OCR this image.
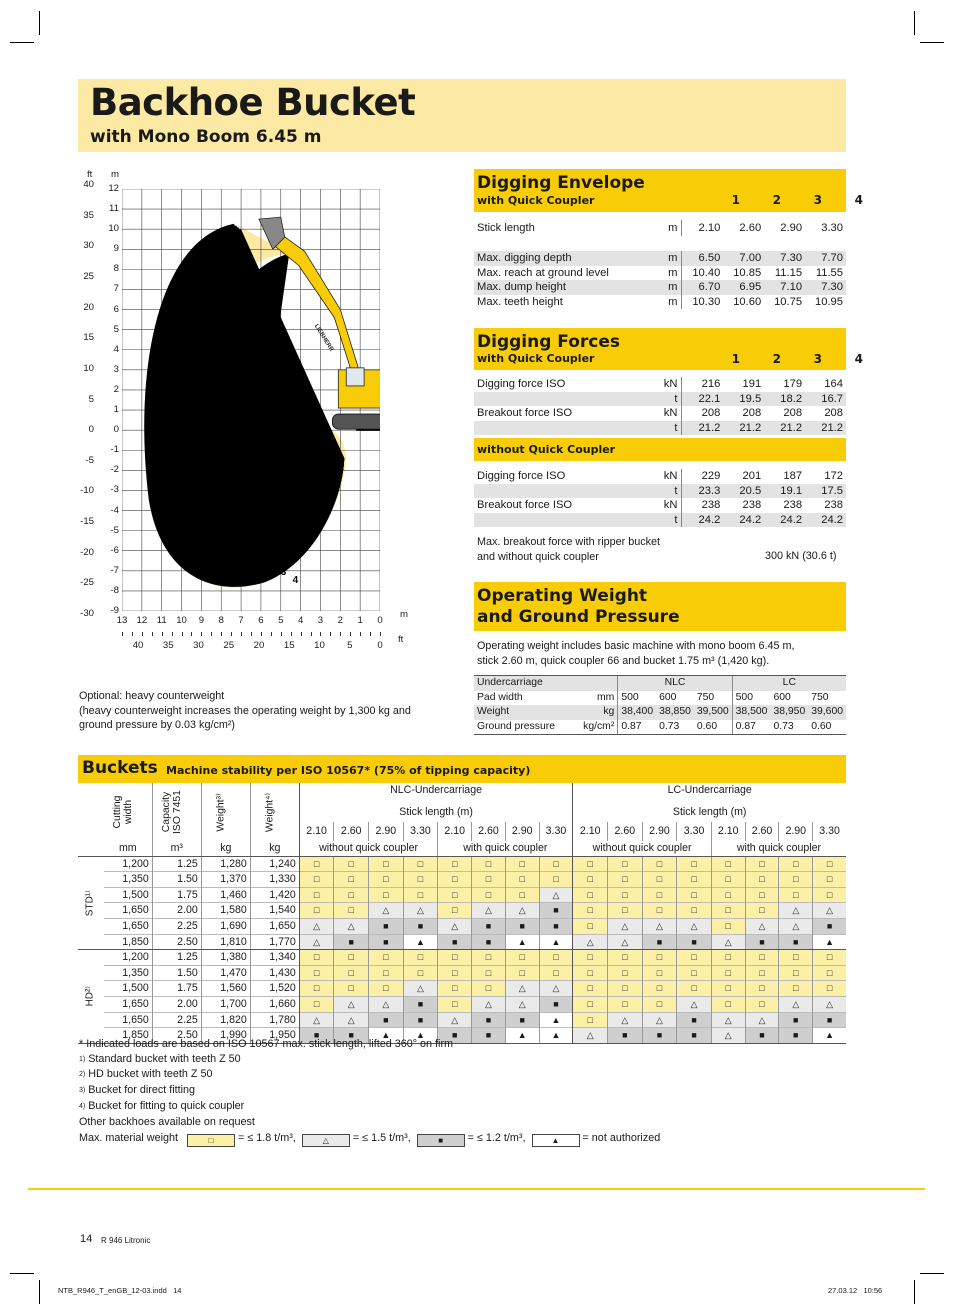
Backhoe Bucket
with Mono Boom 6.45 m
ft m
40
35
30
25
20
15
10
5
0
-5
-10
-15
-20
-25
-30
12
11
10
9
8
7
6
5
4
3
2
1
0
-1
-2
-3
-4
-5
-6
-7
-8
-9
LIEBHERR
1
2
3
4
13 12 11 10	9	8	7	6	5	4	3	2	1	0
40 35 30 25 20 15 10	5	0
m
ft
Optional: heavy counterweight
(heavy counterweight increases the operating weight by 1,300 kg and
ground pressure by 0.03 kg/cm²)
Digging Envelope
with Quick Coupler	1	2	3	4
Stick length	m	2.10	2.60	2.90	3.30

Max. digging depth	m	6.50	7.00	7.30	7.70
Max. reach at ground level	m	10.40	10.85	11.15	11.55
Max. dump height	m	6.70	6.95	7.10	7.30
Max. teeth height	m	10.30	10.60	10.75	10.95
Digging Forces
with Quick Coupler	1	2	3	4
Digging force ISO	kN	216	191	179	164
	t	22.1	19.5	18.2	16.7
Breakout force ISO	kN	208	208	208	208
	t	21.2	21.2	21.2	21.2
without Quick Coupler
Digging force ISO	kN	229	201	187	172
	t	23.3	20.5	19.1	17.5
Breakout force ISO	kN	238	238	238	238
	t	24.2	24.2	24.2	24.2
Max. breakout force with ripper bucket
and without quick coupler	300 kN (30.6 t)
Operating Weight
and Ground Pressure
Operating weight includes basic machine with mono boom 6.45 m,
stick 2.60 m, quick coupler 66 and bucket 1.75 m³ (1,420 kg).
Undercarriage		NLC			LC		
Pad width	mm	500	600	750	500	600	750
Weight	kg	38,400	38,850	39,500	38,500	38,950	39,600
Ground pressure	kg/cm²	0.87	0.73	0.60	0.87	0.73	0.60
Buckets Machine stability per ISO 10567* (75% of tipping capacity)

	Cutting width	Capacity ISO 7451	Weight³⁾	Weight⁴⁾	NLC-Undercarriage								LC-Undercarriage							
					Stick length (m)								Stick length (m)							
					2.10	2.60	2.90	3.30	2.10	2.60	2.90	3.30	2.10	2.60	2.90	3.30	2.10	2.60	2.90	3.30
	mm	m³	kg	kg	without quick coupler				with quick coupler				without quick coupler				with quick coupler			

STD¹⁾	1,200	1.25	1,280	1,240	□	□	□	□	□	□	□	□	□	□	□	□	□	□	□	□
	1,350	1.50	1,370	1,330	□	□	□	□	□	□	□	□	□	□	□	□	□	□	□	□
	1,500	1.75	1,460	1,420	□	□	□	□	□	□	□	△	□	□	□	□	□	□	□	□
	1,650	2.00	1,580	1,540	□	□	△	△	□	△	△	■	□	□	□	□	□	□	△	△
	1,650	2.25	1,690	1,650	△	△	■	■	△	■	■	■	□	△	△	△	□	△	△	■
	1,850	2.50	1,810	1,770	△	■	■	▲	■	■	▲	▲	△	△	■	■	△	■	■	▲

HD²⁾	1,200	1.25	1,380	1,340	□	□	□	□	□	□	□	□	□	□	□	□	□	□	□	□
	1,350	1.50	1,470	1,430	□	□	□	□	□	□	□	□	□	□	□	□	□	□	□	□
	1,500	1.75	1,560	1,520	□	□	□	△	□	□	△	△	□	□	□	□	□	□	□	□
	1,650	2.00	1,700	1,660	□	△	△	■	□	△	△	■	□	□	□	△	□	□	△	△
	1,650	2.25	1,820	1,780	△	△	■	■	△	■	■	▲	□	△	△	■	△	△	■	■
	1,850	2.50	1,990	1,950	■	■	▲	▲	■	■	▲	▲	△	■	■	■	△	■	■	▲
* Indicated loads are based on ISO 10567 max. stick length, lifted 360° on firm
1) Standard bucket with teeth Z 50
2) HD bucket with teeth Z 50
3) Bucket for direct fitting
4) Bucket for fitting to quick coupler
Other backhoes available on request
Max. material weight	□ = ≤ 1.8 t/m³,	△ = ≤ 1.5 t/m³,	■ = ≤ 1.2 t/m³,	▲ = not authorized
14 R 946 Litronic
NTB_R946_T_enGB_12-03.indd   14	27.03.12   10:56
